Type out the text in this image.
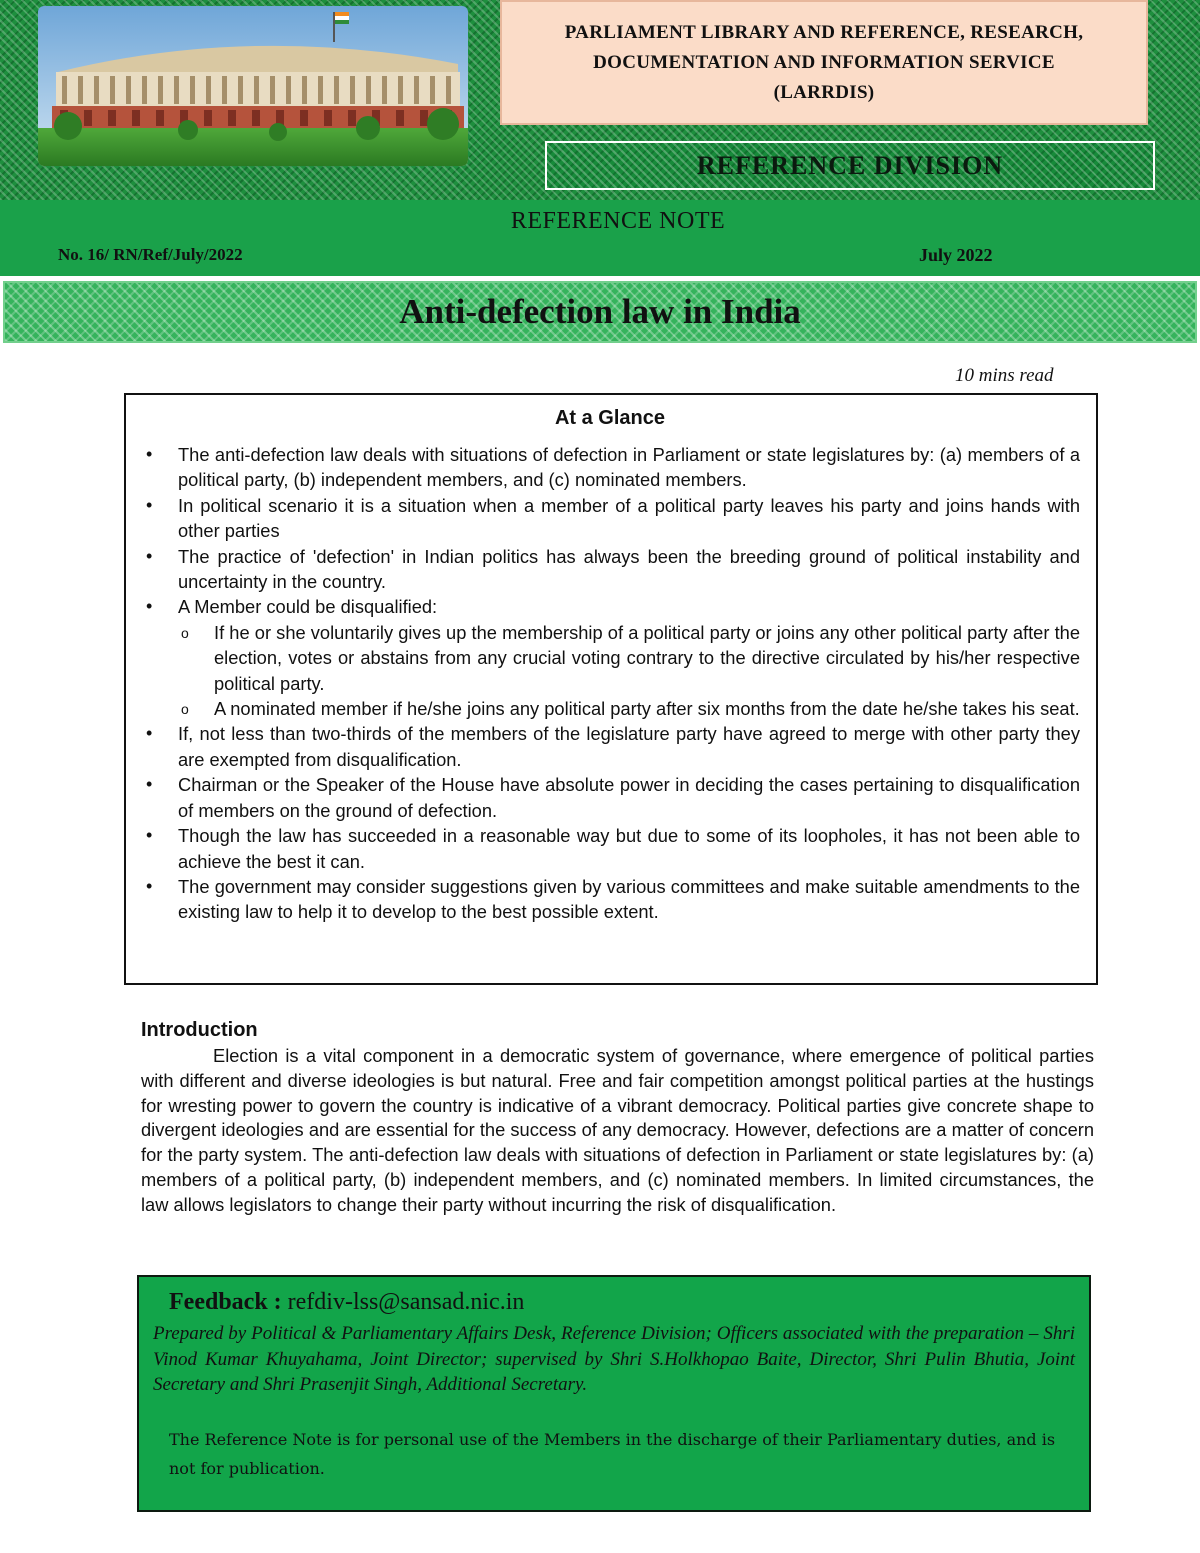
PARLIAMENT LIBRARY AND REFERENCE, RESEARCH,
DOCUMENTATION AND INFORMATION SERVICE
(LARRDIS)
REFERENCE DIVISION
REFERENCE NOTE
No. 16/ RN/Ref/July/2022	July 2022
Anti-defection law in India
10 mins read
At a Glance
• The anti-defection law deals with situations of defection in Parliament or state legislatures by: (a) members of a political party, (b) independent members, and (c) nominated members.
• In political scenario it is a situation when a member of a political party leaves his party and joins hands with other parties
• The practice of 'defection' in Indian politics has always been the breeding ground of political instability and uncertainty in the country.
• A Member could be disqualified:
o If he or she voluntarily gives up the membership of a political party or joins any other political party after the election, votes or abstains from any crucial voting contrary to the directive circulated by his/her respective political party.
o A nominated member if he/she joins any political party after six months from the date he/she takes his seat.
• If, not less than two-thirds of the members of the legislature party have agreed to merge with other party they are exempted from disqualification.
• Chairman or the Speaker of the House have absolute power in deciding the cases pertaining to disqualification of members on the ground of defection.
• Though the law has succeeded in a reasonable way but due to some of its loopholes, it has not been able to achieve the best it can.
• The government may consider suggestions given by various committees and make suitable amendments to the existing law to help it to develop to the best possible extent.
Introduction

Election is a vital component in a democratic system of governance, where emergence of political parties with different and diverse ideologies is but natural. Free and fair competition amongst political parties at the hustings for wresting power to govern the country is indicative of a vibrant democracy. Political parties give concrete shape to divergent ideologies and are essential for the success of any democracy. However, defections are a matter of concern for the party system. The anti-defection law deals with situations of defection in Parliament or state legislatures by: (a) members of a political party, (b) independent members, and (c) nominated members. In limited circumstances, the law allows legislators to change their party without incurring the risk of disqualification.

Feedback : refdiv-lss@sansad.nic.in

Prepared by Political & Parliamentary Affairs Desk, Reference Division; Officers associated with the preparation – Shri Vinod Kumar Khuyahama, Joint Director; supervised by Shri S.Holkhopao Baite, Director, Shri Pulin Bhutia, Joint Secretary and Shri Prasenjit Singh, Additional Secretary.

The Reference Note is for personal use of the Members in the discharge of their Parliamentary duties, and is not for publication.
